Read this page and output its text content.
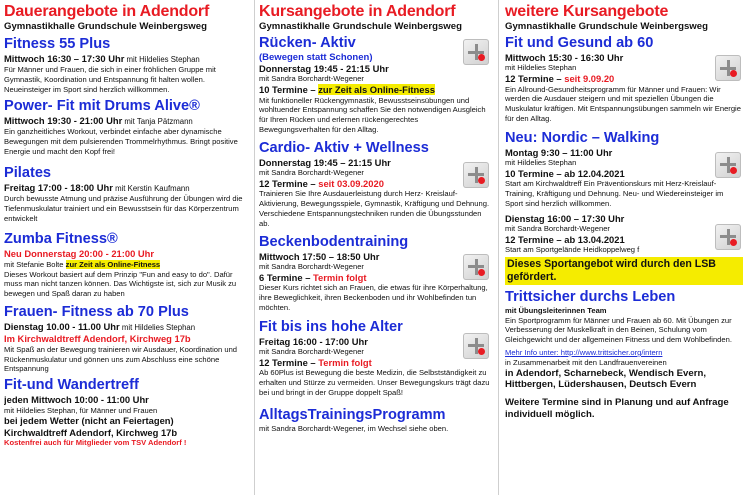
Dauerangebote in Adendorf
Gymnastikhalle Grundschule Weinbergsweg
Fitness 55 Plus
Mittwoch 16:30 – 17:30 Uhr mit Hildelies Stephan
Für Männer und Frauen, die sich in einer fröhlichen Gruppe mit Gymnastik, Koordination und Entspannung fit halten wollen. Neueinsteiger im Sport sind herzlich willkommen.
Power- Fit mit Drums Alive®
Mittwoch 19:30 - 21:00 Uhr mit Tanja Pätzmann
Ein ganzheitliches Workout, verbindet einfache aber dynamische Bewegungen mit dem pulsierenden Trommelrhythmus. Bringt positive Energie und macht den Kopf frei!
Pilates
Freitag 17:00 - 18:00 Uhr mit Kerstin Kaufmann
Durch bewusste Atmung und präzise Ausführung der Übungen wird die Tiefenmuskulatur trainiert und ein Bewusstsein für das Körperzentrum entwickelt
Zumba Fitness®
Neu Donnerstag 20:00 - 21:00 Uhr
mit Stefanie Bolte zur Zeit als Online-Fitness
Dieses Workout basiert auf dem Prinzip "Fun and easy to do". Dafür muss man nicht tanzen können. Das Wichtigste ist, sich zur Musik zu bewegen und Spaß daran zu haben
Frauen- Fitness ab 70 Plus
Dienstag 10.00 - 11.00 Uhr mit Hildelies Stephan
Im Kirchwaldtreff Adendorf, Kirchweg 17b
Mit Spaß an der Bewegung trainieren wir Ausdauer, Koordination und Rückenmuskulatur und gönnen uns zum Abschluss eine schöne Entspannung
Fit-und Wandertreff
jeden Mittwoch 10:00 - 11:00 Uhr
mit Hildelies Stephan, für Männer und Frauen
bei jedem Wetter (nicht an Feiertagen)
Kirchwaldtreff Adendorf, Kirchweg 17b
Kostenfrei auch für Mitglieder vom TSV Adendorf !
Kursangebote in Adendorf
Gymnastikhalle Grundschule Weinbergsweg
Rücken- Aktiv
(Bewegen statt Schonen)
Donnerstag 19:45 - 21:15 Uhr
mit Sandra Borchardt-Wegener
10 Termine – zur Zeit als Online-Fitness
Mit funktioneller Rückengymnastik, Bewusstseinsübungen und wohltuender Entspannung schaffen Sie den notwendigen Ausgleich für Ihren Rücken und erlernen rückengerechtes Bewegungsverhalten für den Alltag.
Cardio- Aktiv + Wellness
Donnerstag 19:45 – 21:15 Uhr
mit Sandra Borchardt-Wegener
12 Termine – seit 03.09.2020
Trainieren Sie Ihre Ausdauerleistung durch Herz- Kreislauf-Aktivierung, Bewegungsspiele, Gymnastik, Kräftigung und Dehnung. Verschiedene Entspannungstechniken runden die Übungsstunden ab.
Beckenbodentraining
Mittwoch 17:50 – 18:50 Uhr
mit Sandra Borchardt-Wegener
6 Termine – Termin folgt
Dieser Kurs richtet sich an Frauen, die etwas für ihre Körperhaltung, ihre Beweglichkeit, ihren Beckenboden und ihr Wohlbefinden tun möchten.
Fit bis ins hohe Alter
Freitag 16:00 - 17:00 Uhr
mit Sandra Borchardt-Wegener
12 Termine – Termin folgt
Ab 60Plus ist Bewegung die beste Medizin, die Selbstständigkeit zu erhalten und Stürze zu vermeiden. Unser Bewegungskurs trägt dazu bei und bringt in der Gruppe doppelt Spaß!
AlltagsTrainingsProgramm
mit Sandra Borchardt-Wegener, im Wechsel siehe oben.
weitere Kursangebote
Gymnastikhalle Grundschule Weinbergsweg
Fit und Gesund ab 60
Mittwoch 15:30 - 16:30 Uhr
mit Hildelies Stephan
12 Termine – seit 9.09.20
Ein Allround-Gesundheitsprogramm für Männer und Frauen: Wir werden die Ausdauer steigern und mit speziellen Übungen die Muskulatur kräftigen. Mit Entspannungsübungen sammeln wir Energie für den Alltag.
Neu: Nordic – Walking
Montag 9:30 – 11:00 Uhr
mit Hildelies Stephan
10 Termine – ab 12.04.2021
Start am Kirchwaldtreff Ein Präventionskurs mit Herz-Kreislauf-Training, Kräftigung und Dehnung. Neu- und Wiedereinsteiger im Sport sind herzlich willkommen.
Dienstag 16:00 – 17:30 Uhr
mit Sandra Borchardt-Wegener
12 Termine – ab 13.04.2021
Start am Sportgelände Heidkoppelweg f
Dieses Sportangebot wird durch den LSB gefördert.
Trittsicher durchs Leben
mit Übungsleiterinnen Team
Ein Sportprogramm für Männer und Frauen ab 60. Mit Übungen zur Verbesserung der Muskelkraft in den Beinen, Schulung vom Gleichgewicht und der allgemeinen Fitness und dem Wohlbefinden.
Mehr Info unter: http://www.trittsicher.org/intern
in Zusammenarbeit mit den Landfrauenvereinen
in Adendorf, Scharnebeck, Wendisch Evern, Hittbergen, Lüdershausen, Deutsch Evern
Weitere Termine sind in Planung und auf Anfrage individuell möglich.
